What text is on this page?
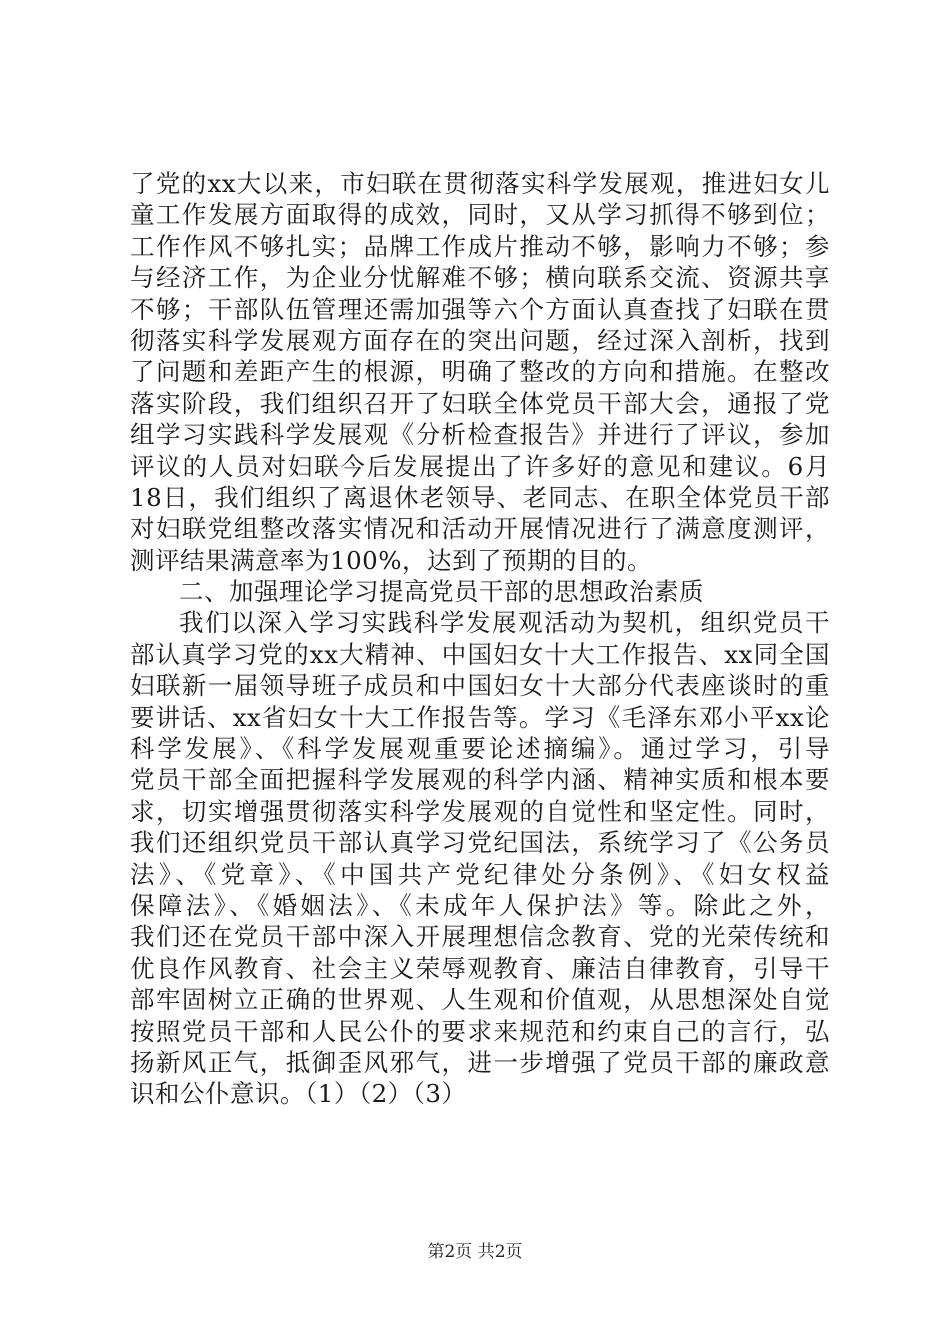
了党的xx大以来，市妇联在贯彻落实科学发展观，推进妇女儿
童工作发展方面取得的成效，同时，又从学习抓得不够到位；
工作作风不够扎实；品牌工作成片推动不够，影响力不够；参
与经济工作，为企业分忧解难不够；横向联系交流、资源共享
不够；干部队伍管理还需加强等六个方面认真查找了妇联在贯
彻落实科学发展观方面存在的突出问题，经过深入剖析，找到
了问题和差距产生的根源，明确了整改的方向和措施。在整改
落实阶段，我们组织召开了妇联全体党员干部大会，通报了党
组学习实践科学发展观《分析检查报告》并进行了评议，参加
评议的人员对妇联今后发展提出了许多好的意见和建议。6月
18日，我们组织了离退休老领导、老同志、在职全体党员干部
对妇联党组整改落实情况和活动开展情况进行了满意度测评，
测评结果满意率为100%，达到了预期的目的。
二、加强理论学习提高党员干部的思想政治素质
我们以深入学习实践科学发展观活动为契机，组织党员干
部认真学习党的xx大精神、中国妇女十大工作报告、xx同全国
妇联新一届领导班子成员和中国妇女十大部分代表座谈时的重
要讲话、xx省妇女十大工作报告等。学习《毛泽东邓小平xx论
科学发展》、《科学发展观重要论述摘编》。通过学习，引导
党员干部全面把握科学发展观的科学内涵、精神实质和根本要
求，切实增强贯彻落实科学发展观的自觉性和坚定性。同时，
我们还组织党员干部认真学习党纪国法，系统学习了《公务员
法》、《党章》、《中国共产党纪律处分条例》、《妇女权益
保障法》、《婚姻法》、《未成年人保护法》等。除此之外，
我们还在党员干部中深入开展理想信念教育、党的光荣传统和
优良作风教育、社会主义荣辱观教育、廉洁自律教育，引导干
部牢固树立正确的世界观、人生观和价值观，从思想深处自觉
按照党员干部和人民公仆的要求来规范和约束自己的言行，弘
扬新风正气，抵御歪风邪气，进一步增强了党员干部的廉政意
识和公仆意识。（1）（2）（3）
第2页 共2页
